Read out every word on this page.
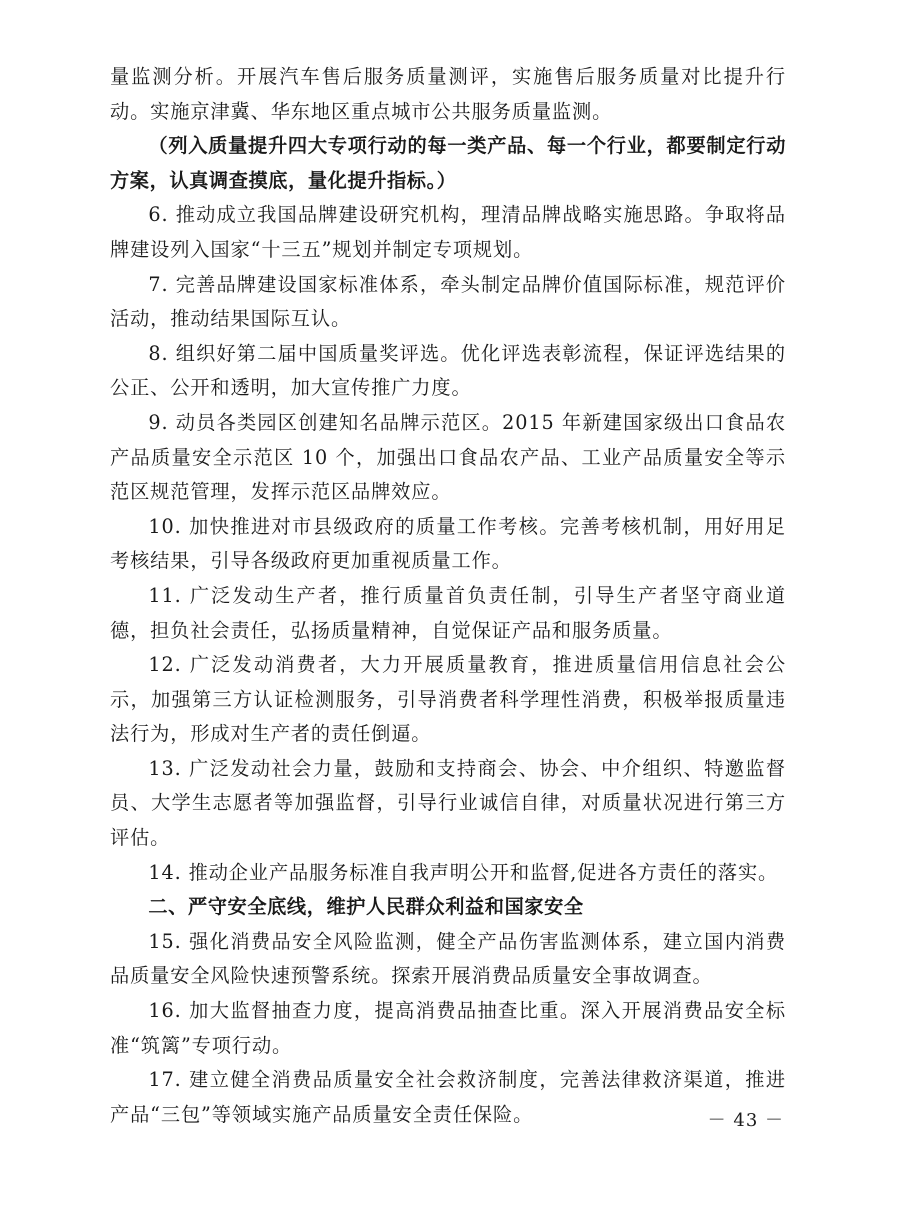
量监测分析。开展汽车售后服务质量测评，实施售后服务质量对比提升行动。实施京津冀、华东地区重点城市公共服务质量监测。

（列入质量提升四大专项行动的每一类产品、每一个行业，都要制定行动方案，认真调查摸底，量化提升指标。）

6. 推动成立我国品牌建设研究机构，理清品牌战略实施思路。争取将品牌建设列入国家“十三五”规划并制定专项规划。

7. 完善品牌建设国家标准体系，牵头制定品牌价值国际标准，规范评价活动，推动结果国际互认。

8. 组织好第二届中国质量奖评选。优化评选表彰流程，保证评选结果的公正、公开和透明，加大宣传推广力度。

9. 动员各类园区创建知名品牌示范区。2015 年新建国家级出口食品农产品质量安全示范区 10 个，加强出口食品农产品、工业产品质量安全等示范区规范管理，发挥示范区品牌效应。

10. 加快推进对市县级政府的质量工作考核。完善考核机制，用好用足考核结果，引导各级政府更加重视质量工作。

11. 广泛发动生产者，推行质量首负责任制，引导生产者坚守商业道德，担负社会责任，弘扬质量精神，自觉保证产品和服务质量。

12. 广泛发动消费者，大力开展质量教育，推进质量信用信息社会公示，加强第三方认证检测服务，引导消费者科学理性消费，积极举报质量违法行为，形成对生产者的责任倒逼。

13. 广泛发动社会力量，鼓励和支持商会、协会、中介组织、特邀监督员、大学生志愿者等加强监督，引导行业诚信自律，对质量状况进行第三方评估。

14. 推动企业产品服务标准自我声明公开和监督,促进各方责任的落实。

二、严守安全底线，维护人民群众利益和国家安全

15. 强化消费品安全风险监测，健全产品伤害监测体系，建立国内消费品质量安全风险快速预警系统。探索开展消费品质量安全事故调查。

16. 加大监督抽查力度，提高消费品抽查比重。深入开展消费品安全标准“筑篱”专项行动。

17. 建立健全消费品质量安全社会救济制度，完善法律救济渠道，推进产品“三包”等领域实施产品质量安全责任保险。	－ 43 －
